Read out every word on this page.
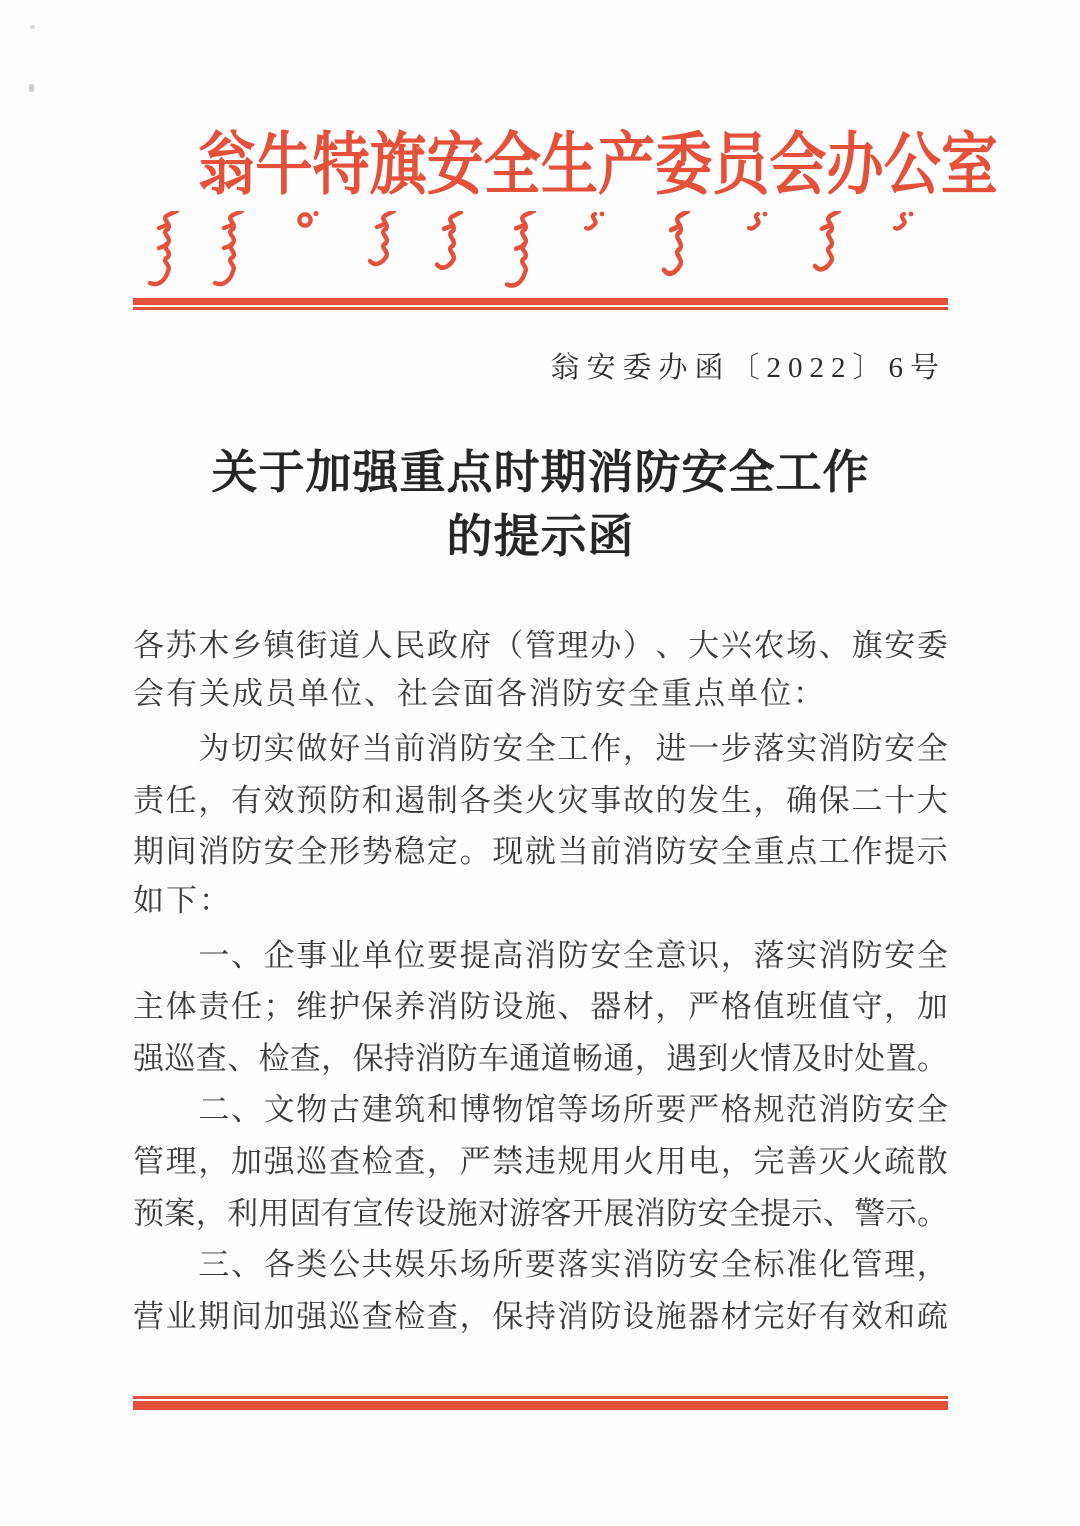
翁牛特旗安全生产委员会办公室
翁安委办函〔2022〕6号
关于加强重点时期消防安全工作
的提示函
各 苏 木 乡 镇 街 道 人 民 政 府 （ 管 理 办 ） 、 大 兴 农 场 、 旗 安 委
会有关成员单位、社会面各消防安全重点单位：

为 切 实 做 好 当 前 消 防 安 全 工 作 ， 进 一 步 落 实 消 防 安 全
责 任 ， 有 效 预 防 和 遏 制 各 类 火 灾 事 故 的 发 生 ， 确 保 二 十 大
期 间 消 防 安 全 形 势 稳 定 。 现 就 当 前 消 防 安 全 重 点 工 作 提 示
如下：

一 、 企 事 业 单 位 要 提 高 消 防 安 全 意 识 ， 落 实 消 防 安 全
主 体 责 任 ； 维 护 保 养 消 防 设 施 、 器 材 ， 严 格 值 班 值 守 ， 加
强 巡 查 、 检 查 ， 保 持 消 防 车 通 道 畅 通 ， 遇 到 火 情 及 时 处 置 。

二 、 文 物 古 建 筑 和 博 物 馆 等 场 所 要 严 格 规 范 消 防 安 全
管 理 ， 加 强 巡 查 检 查 ， 严 禁 违 规 用 火 用 电 ， 完 善 灭 火 疏 散
预 案 ， 利 用 固 有 宣 传 设 施 对 游 客 开 展 消 防 安 全 提 示 、 警 示 。

三 、 各 类 公 共 娱 乐 场 所 要 落 实 消 防 安 全 标 准 化 管 理 ，
营 业 期 间 加 强 巡 查 检 查 ， 保 持 消 防 设 施 器 材 完 好 有 效 和 疏
